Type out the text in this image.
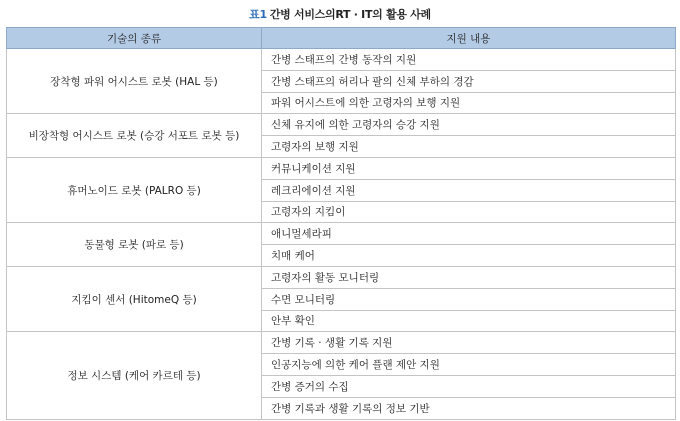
표1 간병 서비스의RT · IT의 활용 사례
기술의 종류	지원 내용
장착형 파워 어시스트 로봇 (HAL 등)	간병 스태프의 간병 동작의 지원
	간병 스태프의 허리나 팔의 신체 부하의 경감
	파워 어시스트에 의한 고령자의 보행 지원
비장착형 어시스트 로봇 (승강 서포트 로봇 등)	신체 유지에 의한 고령자의 승강 지원
	고령자의 보행 지원
휴머노이드 로봇 (PALRO 등)	커뮤니케이션 지원
	레크리에이션 지원
	고령자의 지킴이
동물형 로봇 (파로 등)	애니멀세라피
	치매 케어
지킴이 센서 (HitomeQ 등)	고령자의 활동 모니터링
	수면 모니터링
	안부 확인
정보 시스템 (케어 카르테 등)	간병 기록 · 생활 기록 지원
	인공지능에 의한 케어 플랜 제안 지원
	간병 증거의 수집
	간병 기록과 생활 기록의 정보 기반
